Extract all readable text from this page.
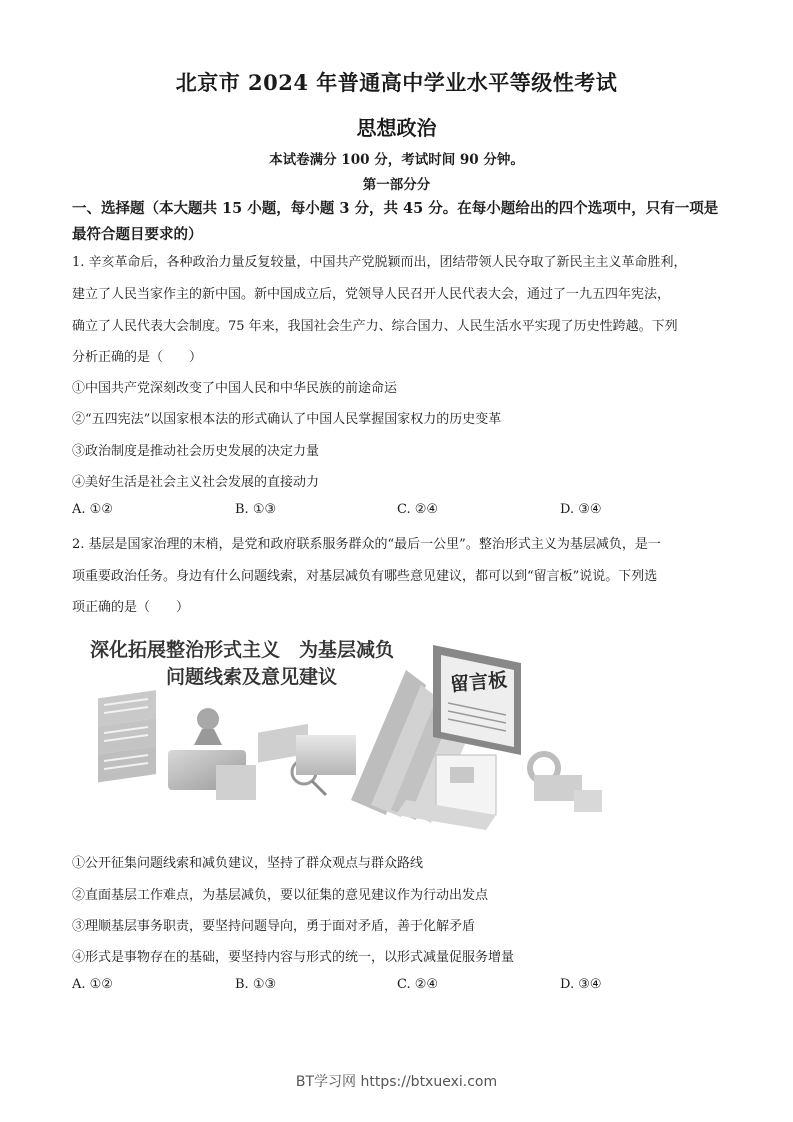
北京市 2024 年普通高中学业水平等级性考试
思想政治
本试卷满分 100 分，考试时间 90 分钟。
第一部分分
一、选择题（本大题共 15 小题，每小题 3 分，共 45 分。在每小题给出的四个选项中，只有一项是最符合题目要求的）
1. 辛亥革命后，各种政治力量反复较量，中国共产党脱颖而出，团结带领人民夺取了新民主主义革命胜利，
建立了人民当家作主的新中国。新中国成立后，党领导人民召开人民代表大会，通过了一九五四年宪法，
确立了人民代表大会制度。75 年来，我国社会生产力、综合国力、人民生活水平实现了历史性跨越。下列
分析正确的是（　　）
①中国共产党深刻改变了中国人民和中华民族的前途命运
②“五四宪法”以国家根本法的形式确认了中国人民掌握国家权力的历史变革
③政治制度是推动社会历史发展的决定力量
④美好生活是社会主义社会发展的直接动力
A. ①②	B. ①③	C. ②④	D. ③④
2. 基层是国家治理的末梢，是党和政府联系服务群众的“最后一公里”。整治形式主义为基层减负，是一
项重要政治任务。身边有什么问题线索，对基层减负有哪些意见建议，都可以到“留言板”说说。下列选
项正确的是（　　）
深化拓展整治形式主义　为基层减负
问题线索及意见建议	留言板
①公开征集问题线索和减负建议，坚持了群众观点与群众路线
②直面基层工作难点，为基层减负，要以征集的意见建议作为行动出发点
③理顺基层事务职责，要坚持问题导向，勇于面对矛盾，善于化解矛盾
④形式是事物存在的基础，要坚持内容与形式的统一，以形式减量促服务增量
A. ①②	B. ①③	C. ②④	D. ③④
BT学习网 https://btxuexi.com
